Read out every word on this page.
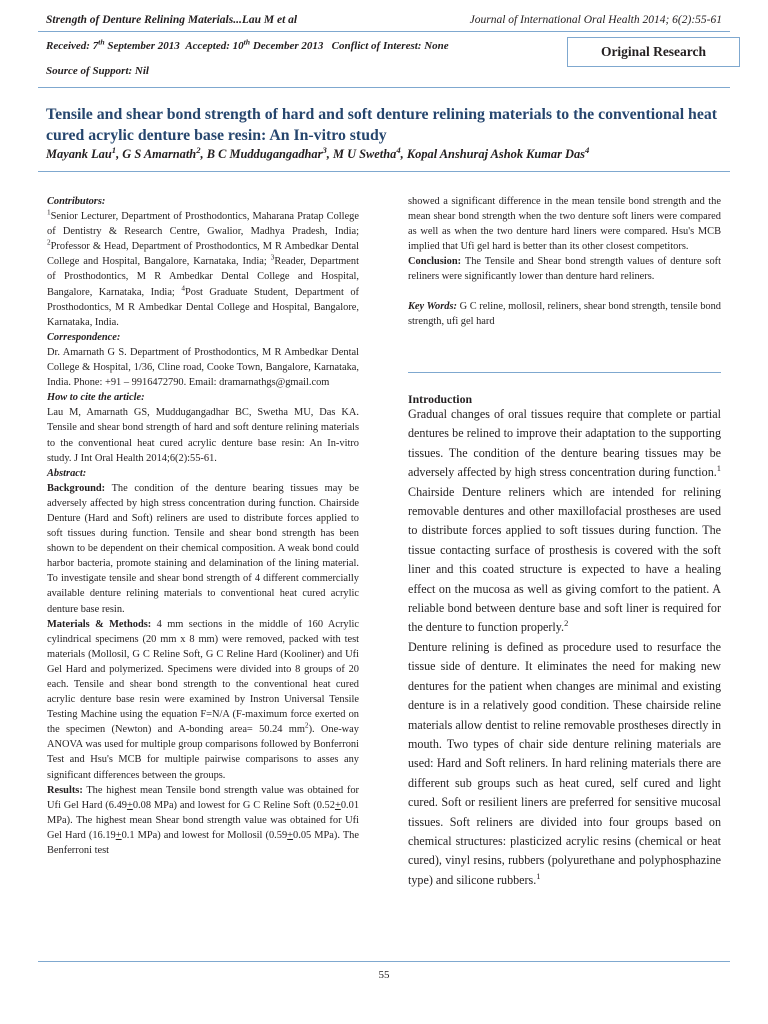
Strength of Denture Relining Materials...Lau M et al	Journal of International Oral Health 2014; 6(2):55-61
Received: 7th September 2013 Accepted: 10th December 2013 Conflict of Interest: None
Source of Support: Nil
Original Research
Tensile and shear bond strength of hard and soft denture relining materials to the conventional heat cured acrylic denture base resin: An In-vitro study
Mayank Lau$^1$, G S Amarnath$^2$, B C Muddugangadhar$^3$, M U Swetha$^4$, Kopal Anshuraj Ashok Kumar Das$^4$

Contributors:

$^1$Senior Lecturer, Department of Prosthodontics, Maharana Pratap College of Dentistry & Research Centre, Gwalior, Madhya Pradesh, India; $^2$Professor & Head, Department of Prosthodontics, M R Ambedkar Dental College and Hospital, Bangalore, Karnataka, India; $^3$Reader, Department of Prosthodontics, M R Ambedkar Dental College and Hospital, Bangalore, Karnataka, India; $^4$Post Graduate Student, Department of Prosthodontics, M R Ambedkar Dental College and Hospital, Bangalore, Karnataka, India.

Correspondence:

Dr. Amarnath G S. Department of Prosthodontics, M R Ambedkar Dental College & Hospital, 1/36, Cline road, Cooke Town, Bangalore, Karnataka, India. Phone: +91 – 9916472790. Email: dramarnathgs@gmail.com

How to cite the article:

Lau M, Amarnath GS, Muddugangadhar BC, Swetha MU, Das KA. Tensile and shear bond strength of hard and soft denture relining materials to the conventional heat cured acrylic denture base resin: An In-vitro study. J Int Oral Health 2014;6(2):55-61.

Abstract:

Background: The condition of the denture bearing tissues may be adversely affected by high stress concentration during function. Chairside Denture (Hard and Soft) reliners are used to distribute forces applied to soft tissues during function. Tensile and shear bond strength has been shown to be dependent on their chemical composition. A weak bond could harbor bacteria, promote staining and delamination of the lining material. To investigate tensile and shear bond strength of 4 different commercially available denture relining materials to conventional heat cured acrylic denture base resin.

Materials & Methods: 4 mm sections in the middle of 160 Acrylic cylindrical specimens (20 mm x 8 mm) were removed, packed with test materials (Mollosil, G C Reline Soft, G C Reline Hard (Kooliner) and Ufi Gel Hard and polymerized. Specimens were divided into 8 groups of 20 each. Tensile and shear bond strength to the conventional heat cured acrylic denture base resin were examined by Instron Universal Tensile Testing Machine using the equation F=N/A (F-maximum force exerted on the specimen (Newton) and A-bonding area= 50.24 $mm^2$). One-way ANOVA was used for multiple group comparisons followed by Bonferroni Test and Hsu's MCB for multiple pairwise comparisons to asses any significant differences between the groups.

Results: The highest mean Tensile bond strength value was obtained for Ufi Gel Hard (6.49+0.08 MPa) and lowest for G C Reline Soft (0.52+0.01 MPa). The highest mean Shear bond strength value was obtained for Ufi Gel Hard (16.19+0.1 MPa) and lowest for Mollosil (0.59+0.05 MPa). The Benferroni test

showed a significant difference in the mean tensile bond strength and the mean shear bond strength when the two denture soft liners were compared as well as when the two denture hard liners were compared. Hsu's MCB implied that Ufi gel hard is better than its other closest competitors.

Conclusion: The Tensile and Shear bond strength values of denture soft reliners were significantly lower than denture hard reliners.

Key Words: G C reline, mollosil, reliners, shear bond strength, tensile bond strength, ufi gel hard

Introduction

Gradual changes of oral tissues require that complete or partial dentures be relined to improve their adaptation to the supporting tissues. The condition of the denture bearing tissues may be adversely affected by high stress concentration during function.$^1$ Chairside Denture reliners which are intended for relining removable dentures and other maxillofacial prostheses are used to distribute forces applied to soft tissues during function. The tissue contacting surface of prosthesis is covered with the soft liner and this coated structure is expected to have a healing effect on the mucosa as well as giving comfort to the patient. A reliable bond between denture base and soft liner is required for the denture to function properly.$^2$

Denture relining is defined as procedure used to resurface the tissue side of denture. It eliminates the need for making new dentures for the patient when changes are minimal and existing denture is in a relatively good condition. These chairside reline materials allow dentist to reline removable prostheses directly in mouth. Two types of chair side denture relining materials are used: Hard and Soft reliners. In hard relining materials there are different sub groups such as heat cured, self cured and light cured. Soft or resilient liners are preferred for sensitive mucosal tissues. Soft reliners are divided into four groups based on chemical structures: plasticized acrylic resins (chemical or heat cured), vinyl resins, rubbers (polyurethane and polyphosphazine type) and silicone rubbers.$^1$

55
